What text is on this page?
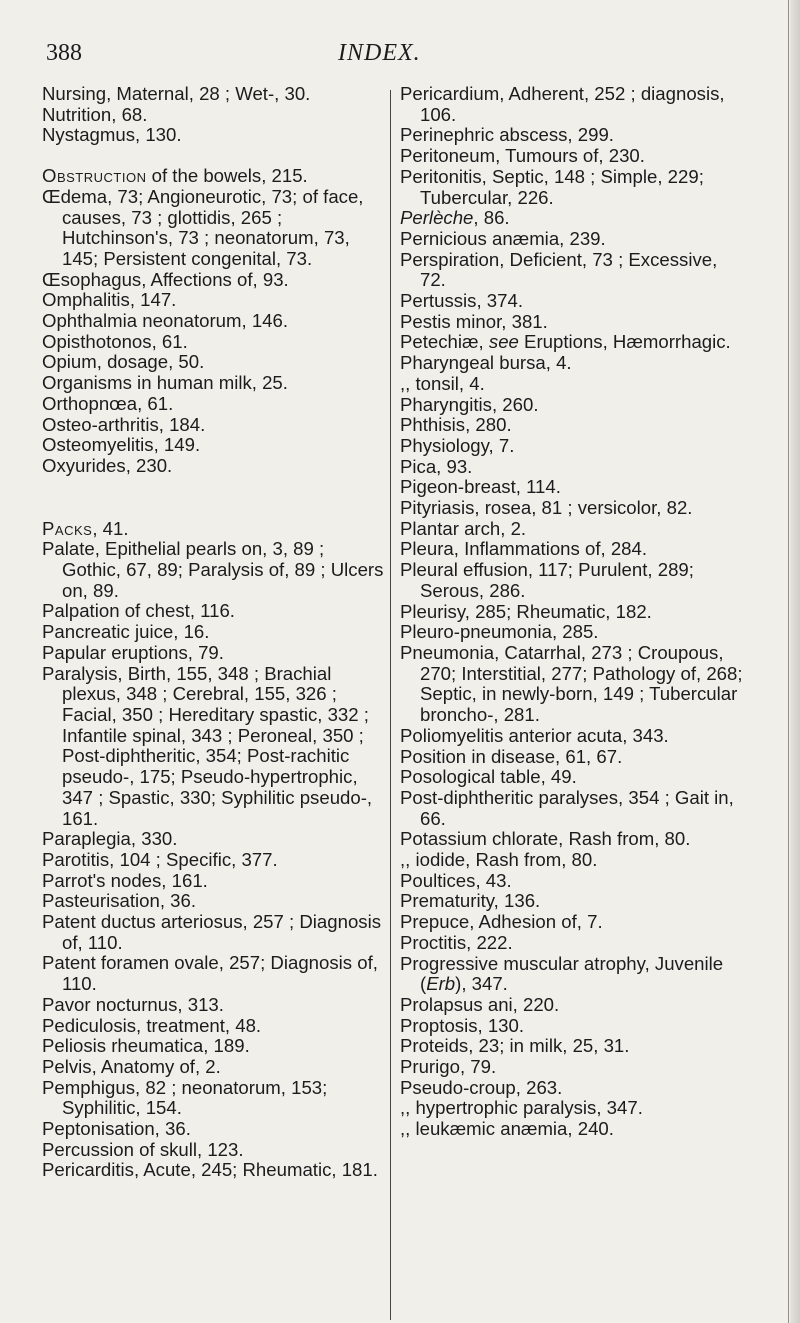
388	INDEX.
Nursing, Maternal, 28 ; Wet-, 30.
Nutrition, 68.
Nystagmus, 130.
Obstruction of the bowels, 215.
Œdema, 73; Angioneurotic, 73; of face, causes, 73 ; glottidis, 265 ; Hutchinson's, 73 ; neonatorum, 73, 145; Persistent congenital, 73.
Œsophagus, Affections of, 93.
Omphalitis, 147.
Ophthalmia neonatorum, 146.
Opisthotonos, 61.
Opium, dosage, 50.
Organisms in human milk, 25.
Orthopnœa, 61.
Osteo-arthritis, 184.
Osteomyelitis, 149.
Oxyurides, 230.
Packs, 41.
Palate, Epithelial pearls on, 3, 89 ; Gothic, 67, 89; Paralysis of, 89 ; Ulcers on, 89.
Palpation of chest, 116.
Pancreatic juice, 16.
Papular eruptions, 79.
Paralysis, Birth, 155, 348 ; Brachial plexus, 348 ; Cerebral, 155, 326 ; Facial, 350 ; Hereditary spastic, 332 ; Infantile spinal, 343 ; Peroneal, 350 ; Post-diphtheritic, 354; Post-rachitic pseudo-, 175; Pseudo-hypertrophic, 347 ; Spastic, 330; Syphilitic pseudo-, 161.
Paraplegia, 330.
Parotitis, 104 ; Specific, 377.
Parrot's nodes, 161.
Pasteurisation, 36.
Patent ductus arteriosus, 257 ; Diagnosis of, 110.
Patent foramen ovale, 257; Diagnosis of, 110.
Pavor nocturnus, 313.
Pediculosis, treatment, 48.
Peliosis rheumatica, 189.
Pelvis, Anatomy of, 2.
Pemphigus, 82 ; neonatorum, 153; Syphilitic, 154.
Peptonisation, 36.
Percussion of skull, 123.
Pericarditis, Acute, 245; Rheumatic, 181.
Pericardium, Adherent, 252 ; diagnosis, 106.
Perinephric abscess, 299.
Peritoneum, Tumours of, 230.
Peritonitis, Septic, 148 ; Simple, 229; Tubercular, 226.
Perlèche, 86.
Pernicious anæmia, 239.
Perspiration, Deficient, 73 ; Excessive, 72.
Pertussis, 374.
Pestis minor, 381.
Petechiæ, see Eruptions, Hæmorrhagic.
Pharyngeal bursa, 4.
,, tonsil, 4.
Pharyngitis, 260.
Phthisis, 280.
Physiology, 7.
Pica, 93.
Pigeon-breast, 114.
Pityriasis, rosea, 81 ; versicolor, 82.
Plantar arch, 2.
Pleura, Inflammations of, 284.
Pleural effusion, 117; Purulent, 289; Serous, 286.
Pleurisy, 285; Rheumatic, 182.
Pleuro-pneumonia, 285.
Pneumonia, Catarrhal, 273 ; Croupous, 270; Interstitial, 277; Pathology of, 268; Septic, in newly-born, 149 ; Tubercular broncho-, 281.
Poliomyelitis anterior acuta, 343.
Position in disease, 61, 67.
Posological table, 49.
Post-diphtheritic paralyses, 354 ; Gait in, 66.
Potassium chlorate, Rash from, 80.
,, iodide, Rash from, 80.
Poultices, 43.
Prematurity, 136.
Prepuce, Adhesion of, 7.
Proctitis, 222.
Progressive muscular atrophy, Juvenile (Erb), 347.
Prolapsus ani, 220.
Proptosis, 130.
Proteids, 23; in milk, 25, 31.
Prurigo, 79.
Pseudo-croup, 263.
,, hypertrophic paralysis, 347.
,, leukæmic anæmia, 240.
